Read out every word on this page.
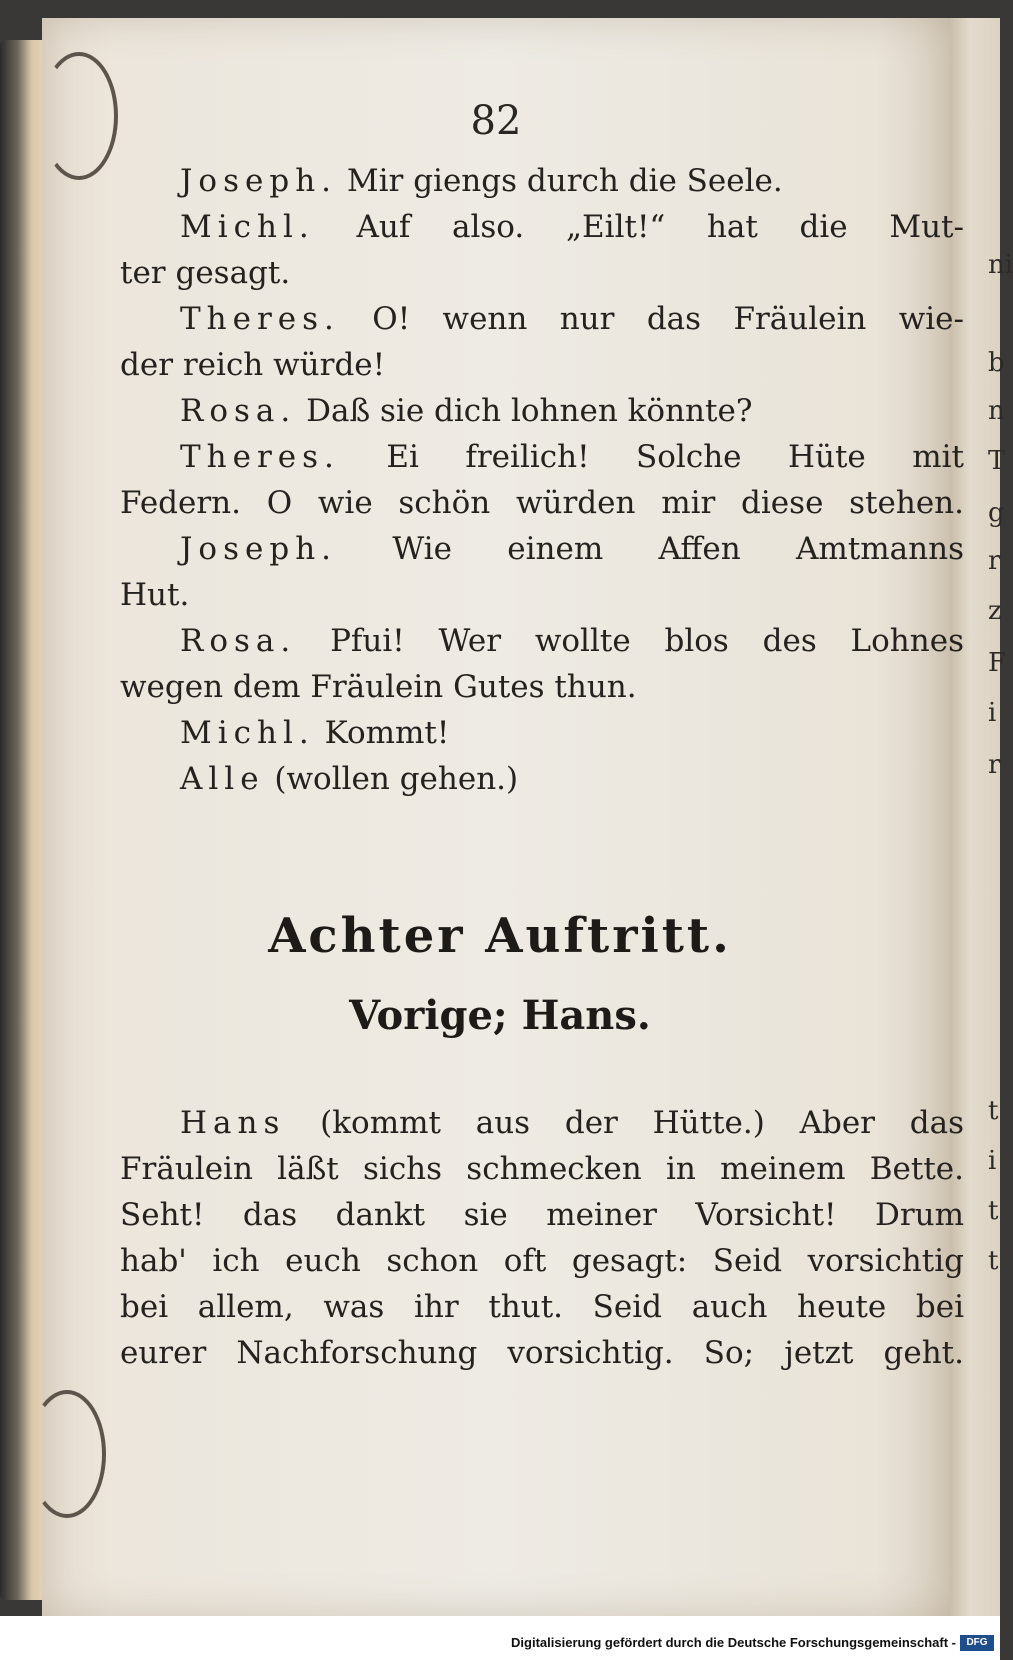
82
ni
b
n
T
g
r
z
F
i
r
t
i
t
t
Joseph. Mir giengs durch die Seele.
Michl. Auf also. „Eilt!“ hat die Mut-
ter gesagt.
Theres. O! wenn nur das Fräulein wie-
der reich würde!
Rosa. Daß sie dich lohnen könnte?
Theres. Ei freilich! Solche Hüte mit
Federn. O wie schön würden mir diese stehen.
Joseph. Wie einem Affen Amtmanns
Hut.
Rosa. Pfui! Wer wollte blos des Lohnes
wegen dem Fräulein Gutes thun.
Michl. Kommt!
Alle (wollen gehen.)
Achter Auftritt.
Vorige; Hans.
Hans (kommt aus der Hütte.) Aber das
Fräulein läßt sichs schmecken in meinem Bette.
Seht! das dankt sie meiner Vorsicht! Drum
hab' ich euch schon oft gesagt: Seid vorsichtig
bei allem, was ihr thut. Seid auch heute bei
eurer Nachforschung vorsichtig. So; jetzt geht.
Digitalisierung gefördert durch die Deutsche Forschungsgemeinschaft -	DFG
